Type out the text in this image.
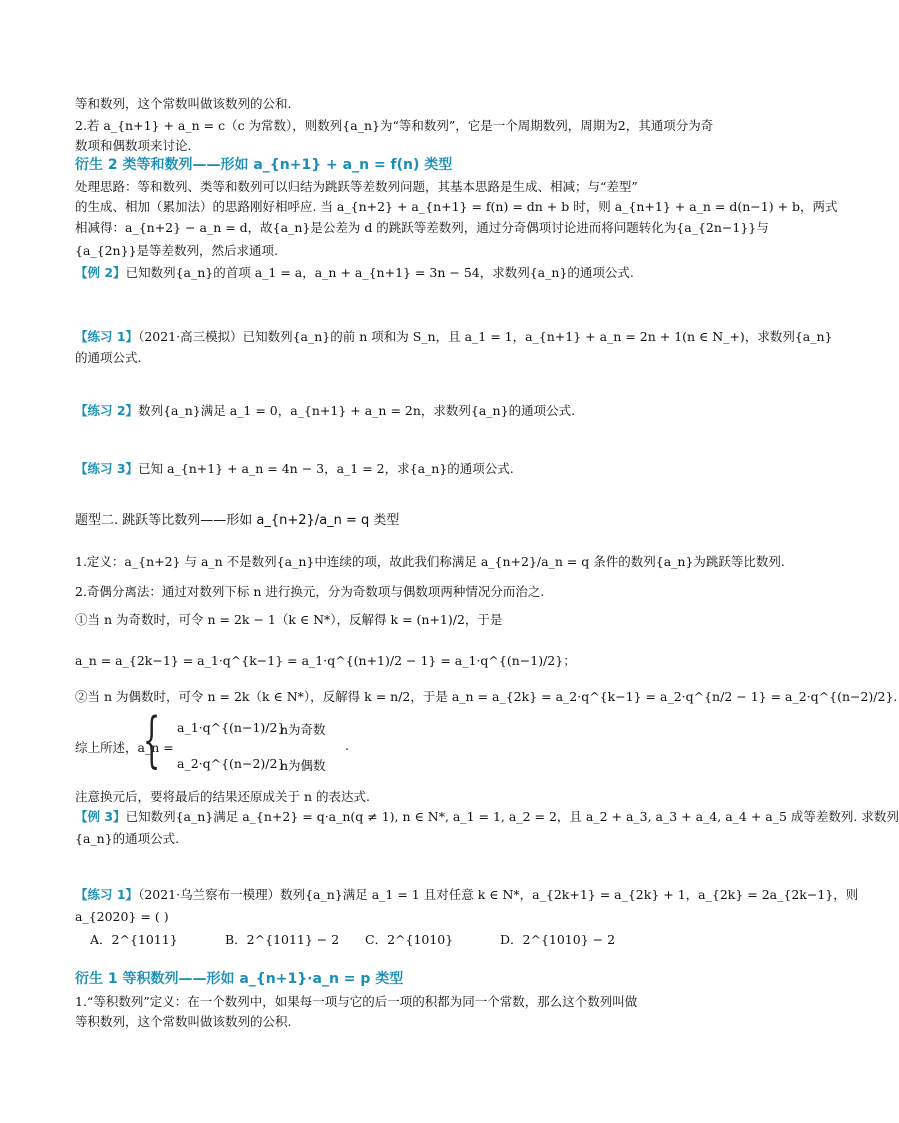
等和数列，这个常数叫做该数列的公和.
2.若 a_{n+1} + a_n = c（c 为常数），则数列{a_n}为“等和数列”，它是一个周期数列，周期为2，其通项分为奇
数项和偶数项来讨论.
衍生 2 类等和数列——形如 a_{n+1} + a_n = f(n) 类型
处理思路：等和数列、类等和数列可以归结为跳跃等差数列问题，其基本思路是生成、相减；与“差型”
的生成、相加（累加法）的思路刚好相呼应. 当 a_{n+2} + a_{n+1} = f(n) = dn + b 时，则 a_{n+1} + a_n = d(n−1) + b，两式
相减得：a_{n+2} − a_n = d，故{a_n}是公差为 d 的跳跃等差数列，通过分奇偶项讨论进而将问题转化为{a_{2n−1}}与
{a_{2n}}是等差数列，然后求通项.
【例 2】已知数列{a_n}的首项 a_1 = a，a_n + a_{n+1} = 3n − 54，求数列{a_n}的通项公式.
【练习 1】（2021·高三模拟）已知数列{a_n}的前 n 项和为 S_n，且 a_1 = 1，a_{n+1} + a_n = 2n + 1(n ∈ N_+)，求数列{a_n}
的通项公式.
【练习 2】数列{a_n}满足 a_1 = 0，a_{n+1} + a_n = 2n，求数列{a_n}的通项公式.
【练习 3】已知 a_{n+1} + a_n = 4n − 3，a_1 = 2，求{a_n}的通项公式.
题型二. 跳跃等比数列——形如 a_{n+2}/a_n = q 类型
1.定义：a_{n+2} 与 a_n 不是数列{a_n}中连续的项，故此我们称满足 a_{n+2}/a_n = q 条件的数列{a_n}为跳跃等比数列.
2.奇偶分离法：通过对数列下标 n 进行换元，分为奇数项与偶数项两种情况分而治之.
①当 n 为奇数时，可令 n = 2k − 1（k ∈ N*），反解得 k = (n+1)/2，于是
a_n = a_{2k−1} = a_1·q^{k−1} = a_1·q^{(n+1)/2 − 1} = a_1·q^{(n−1)/2}；
②当 n 为偶数时，可令 n = 2k（k ∈ N*），反解得 k = n/2，于是 a_n = a_{2k} = a_2·q^{k−1} = a_2·q^{n/2 − 1} = a_2·q^{(n−2)/2}.
综上所述，a_n =
{ a_1·q^{(n−1)/2}
n为奇数
a_2·q^{(n−2)/2}
n为偶数
.
注意换元后，要将最后的结果还原成关于 n 的表达式.
【例 3】已知数列{a_n}满足 a_{n+2} = q·a_n(q ≠ 1), n ∈ N*, a_1 = 1, a_2 = 2，且 a_2 + a_3, a_3 + a_4, a_4 + a_5 成等差数列. 求数列
{a_n}的通项公式.
【练习 1】（2021·乌兰察布一模理）数列{a_n}满足 a_1 = 1 且对任意 k ∈ N*，a_{2k+1} = a_{2k} + 1，a_{2k} = 2a_{2k−1}，则
a_{2020} = ( )
A．2^{1011}	B．2^{1011} − 2 C．2^{1010}	D．2^{1010} − 2
衍生 1 等积数列——形如 a_{n+1}·a_n = p 类型
1.“等积数列”定义：在一个数列中，如果每一项与它的后一项的积都为同一个常数，那么这个数列叫做
等积数列，这个常数叫做该数列的公积.
